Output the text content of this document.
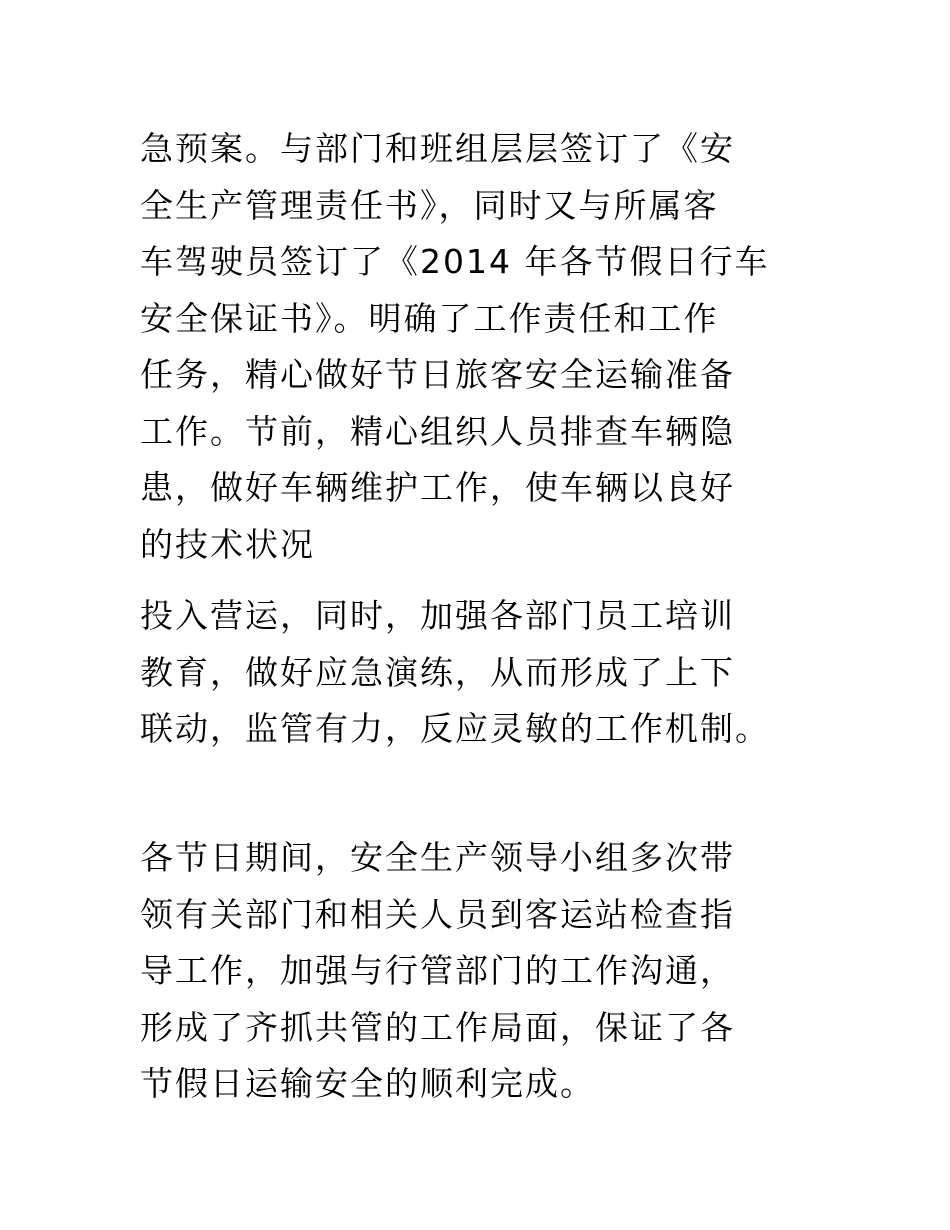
急预案。与部门和班组层层签订了《安
全生产管理责任书》，同时又与所属客
车驾驶员签订了《2014 年各节假日行车
安全保证书》。明确了工作责任和工作
任务，精心做好节日旅客安全运输准备
工作。节前，精心组织人员排查车辆隐
患，做好车辆维护工作，使车辆以良好
的技术状况

投入营运，同时，加强各部门员工培训
教育，做好应急演练，从而形成了上下
联动，监管有力，反应灵敏的工作机制。

各节日期间，安全生产领导小组多次带
领有关部门和相关人员到客运站检查指
导工作，加强与行管部门的工作沟通，
形成了齐抓共管的工作局面，保证了各
节假日运输安全的顺利完成。
